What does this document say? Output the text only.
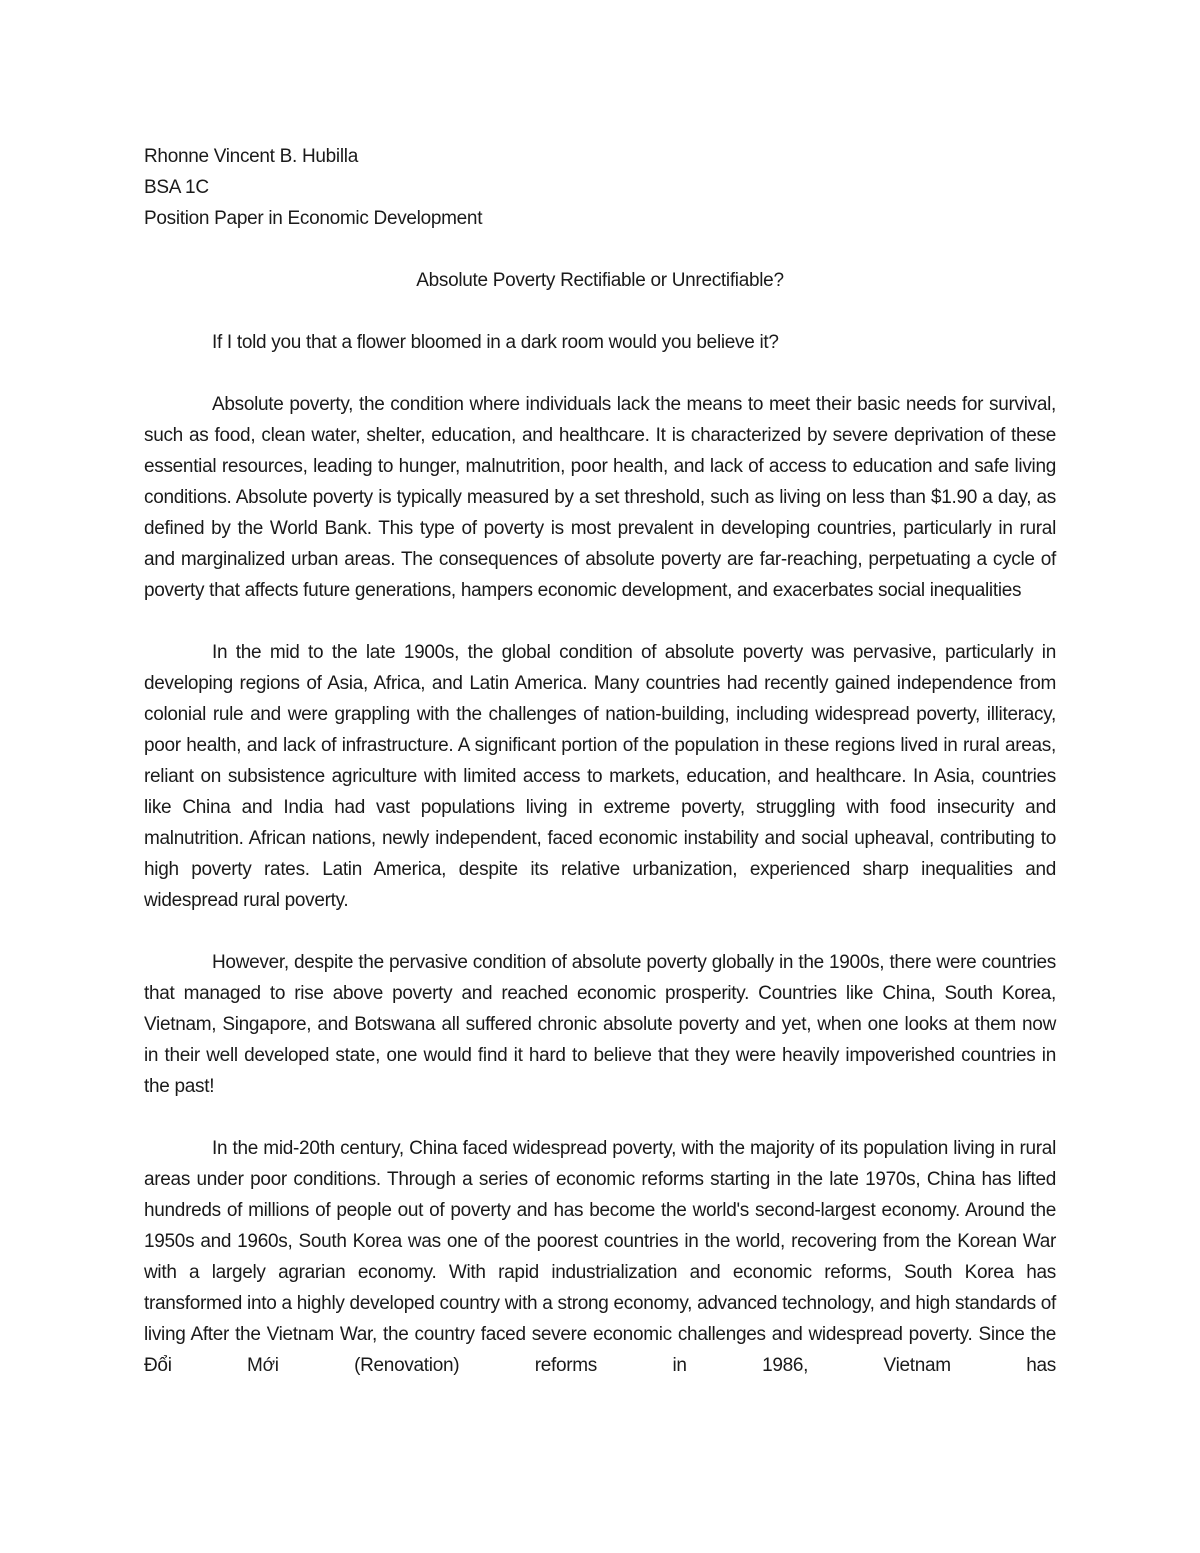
Rhonne Vincent B. Hubilla

BSA 1C

Position Paper in Economic Development

Absolute Poverty Rectifiable or Unrectifiable?

If I told you that a flower bloomed in a dark room would you believe it?

Absolute poverty, the condition where individuals lack the means to meet their basic needs for survival, such as food, clean water, shelter, education, and healthcare. It is characterized by severe deprivation of these essential resources, leading to hunger, malnutrition, poor health, and lack of access to education and safe living conditions. Absolute poverty is typically measured by a set threshold, such as living on less than $1.90 a day, as defined by the World Bank. This type of poverty is most prevalent in developing countries, particularly in rural and marginalized urban areas. The consequences of absolute poverty are far-reaching, perpetuating a cycle of poverty that affects future generations, hampers economic development, and exacerbates social inequalities

In the mid to the late 1900s, the global condition of absolute poverty was pervasive, particularly in developing regions of Asia, Africa, and Latin America. Many countries had recently gained independence from colonial rule and were grappling with the challenges of nation-building, including widespread poverty, illiteracy, poor health, and lack of infrastructure. A significant portion of the population in these regions lived in rural areas, reliant on subsistence agriculture with limited access to markets, education, and healthcare. In Asia, countries like China and India had vast populations living in extreme poverty, struggling with food insecurity and malnutrition. African nations, newly independent, faced economic instability and social upheaval, contributing to high poverty rates. Latin America, despite its relative urbanization, experienced sharp inequalities and widespread rural poverty.

However, despite the pervasive condition of absolute poverty globally in the 1900s, there were countries that managed to rise above poverty and reached economic prosperity. Countries like China, South Korea, Vietnam, Singapore, and Botswana all suffered chronic absolute poverty and yet, when one looks at them now in their well developed state, one would find it hard to believe that they were heavily impoverished countries in the past!

In the mid-20th century, China faced widespread poverty, with the majority of its population living in rural areas under poor conditions. Through a series of economic reforms starting in the late 1970s, China has lifted hundreds of millions of people out of poverty and has become the world's second-largest economy. Around the 1950s and 1960s, South Korea was one of the poorest countries in the world, recovering from the Korean War with a largely agrarian economy. With rapid industrialization and economic reforms, South Korea has transformed into a highly developed country with a strong economy, advanced technology, and high standards of living After the Vietnam War, the country faced severe economic challenges and widespread poverty. Since the Đổi Mới (Renovation) reforms in 1986, Vietnam has
